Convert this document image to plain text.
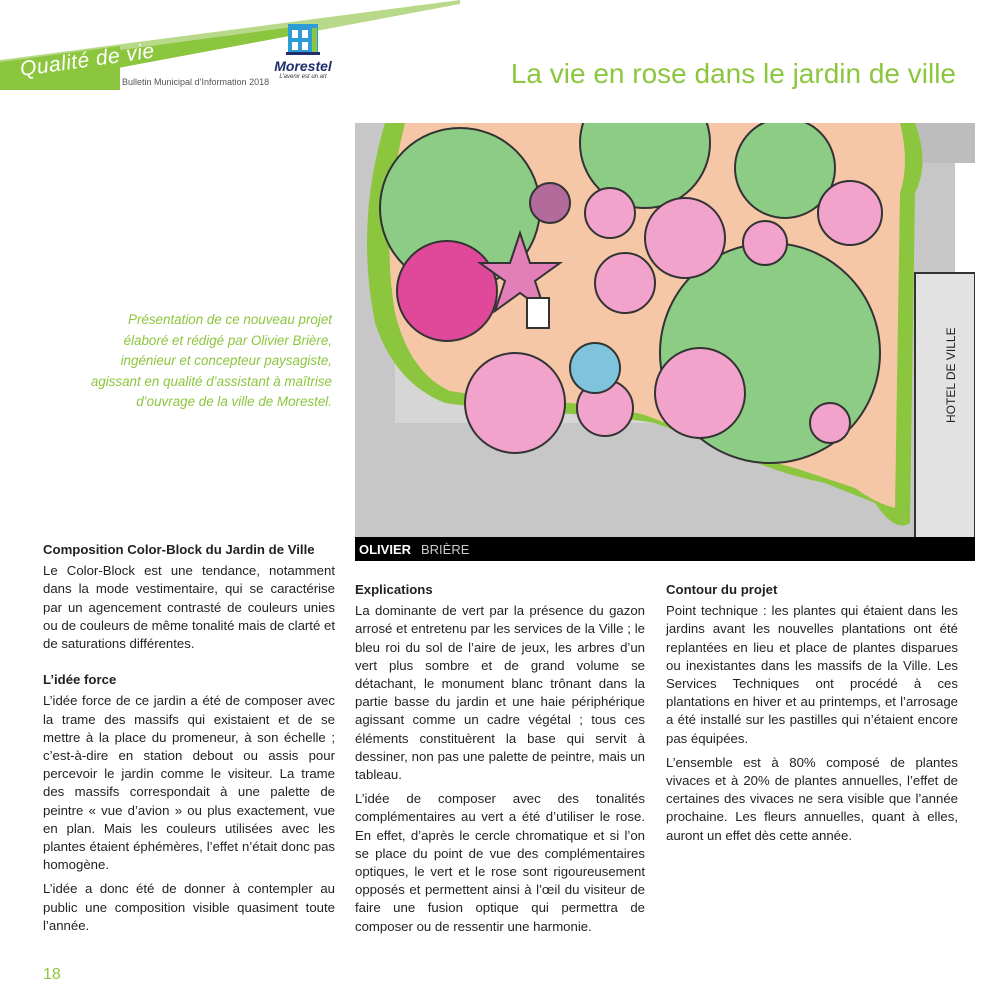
Qualité de vie
Bulletin Municipal d’Information 2018
Morestel
L’avenir est un art	La vie en rose dans le jardin de ville
Présentation de ce nouveau projet élaboré et rédigé par Olivier Brière, ingénieur et concepteur paysagiste, agissant en qualité d’assistant à maîtrise d’ouvrage de la ville de Morestel.	HOTEL DE VILLE
OLIVIER BRIÈRE
Composition Color-Block du Jardin de Ville

Le Color-Block est une tendance, notamment dans la mode vestimentaire, qui se caractérise par un agencement contrasté de couleurs unies ou de couleurs de même tonalité mais de clarté et de saturations différentes.

L’idée force

L’idée force de ce jardin a été de composer avec la trame des massifs qui existaient et de se mettre à la place du promeneur, à son échelle ; c’est-à-dire en station debout ou assis pour percevoir le jardin comme le visiteur. La trame des massifs correspondait à une palette de peintre « vue d’avion » ou plus exactement, vue en plan. Mais les couleurs utilisées avec les plantes étaient éphémères, l’effet n’était donc pas homogène.

L’idée a donc été de donner à contempler au public une composition visible quasiment toute l’année.

Explications

La dominante de vert par la présence du gazon arrosé et entretenu par les services de la Ville ; le bleu roi du sol de l’aire de jeux, les arbres d’un vert plus sombre et de grand volume se détachant, le monument blanc trônant dans la partie basse du jardin et une haie périphérique agissant comme un cadre végétal ; tous ces éléments constituèrent la base qui servit à dessiner, non pas une palette de peintre, mais un tableau.

L’idée de composer avec des tonalités complémentaires au vert a été d’utiliser le rose. En effet, d’après le cercle chromatique et si l’on se place du point de vue des complémentaires optiques, le vert et le rose sont rigoureusement opposés et permettent ainsi à l’œil du visiteur de faire une fusion optique qui permettra de composer ou de ressentir une harmonie.

Contour du projet

Point technique : les plantes qui étaient dans les jardins avant les nouvelles plantations ont été replantées en lieu et place de plantes disparues ou inexistantes dans les massifs de la Ville. Les Services Techniques ont procédé à ces plantations en hiver et au printemps, et l’arrosage a été installé sur les pastilles qui n’étaient encore pas équipées.

L’ensemble est à 80% composé de plantes vivaces et à 20% de plantes annuelles, l’effet de certaines des vivaces ne sera visible que l’année prochaine. Les fleurs annuelles, quant à elles, auront un effet dès cette année.

18
